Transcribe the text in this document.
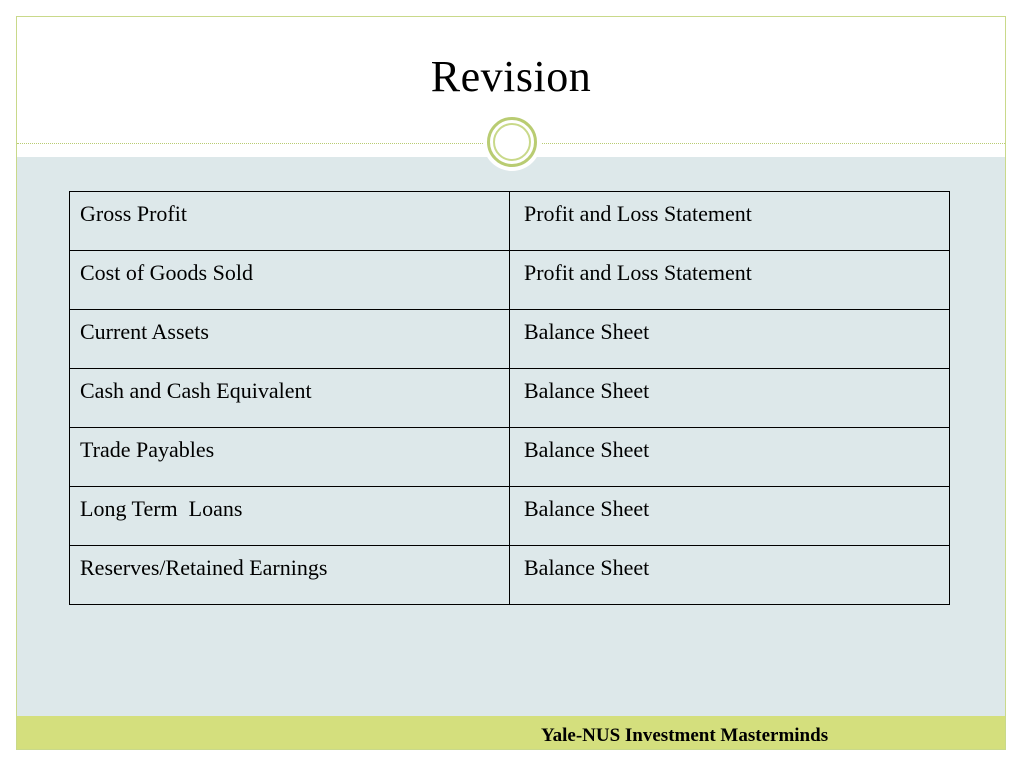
Revision
Gross Profit	Profit and Loss Statement
Cost of Goods Sold	Profit and Loss Statement
Current Assets	Balance Sheet
Cash and Cash Equivalent	Balance Sheet
Trade Payables	Balance Sheet
Long Term  Loans	Balance Sheet
Reserves/Retained Earnings	Balance Sheet
Yale-NUS Investment Masterminds
